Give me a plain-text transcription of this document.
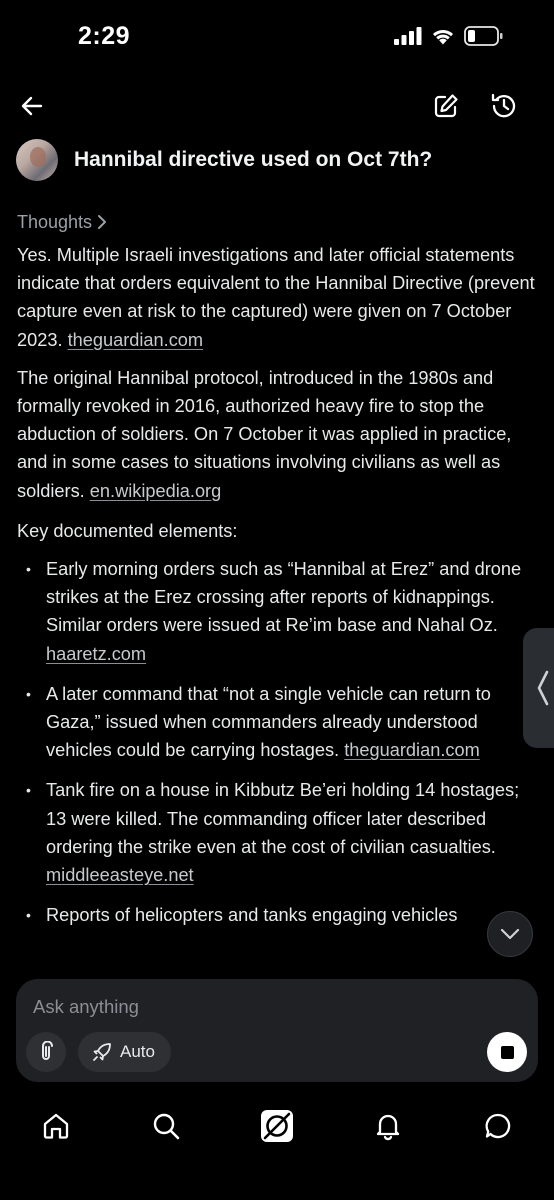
2:29
Hannibal directive used on Oct 7th?
Thoughts

Yes. Multiple Israeli investigations and later official statements indicate that orders equivalent to the Hannibal Directive (prevent capture even at risk to the captured) were given on 7 October 2023. theguardian.com

The original Hannibal protocol, introduced in the 1980s and formally revoked in 2016, authorized heavy fire to stop the abduction of soldiers. On 7 October it was applied in practice, and in some cases to situations involving civilians as well as soldiers. en.wikipedia.org

Key documented elements:
• Early morning orders such as “Hannibal at Erez” and drone strikes at the Erez crossing after reports of kidnappings. Similar orders were issued at Re’im base and Nahal Oz. haaretz.com
• A later command that “not a single vehicle can return to Gaza,” issued when commanders already understood vehicles could be carrying hostages. theguardian.com
• Tank fire on a house in Kibbutz Be’eri holding 14 hostages; 13 were killed. The commanding officer later described ordering the strike even at the cost of civilian casualties. middleeasteye.net
• Reports of helicopters and tanks engaging vehicles
Ask anything
Auto
